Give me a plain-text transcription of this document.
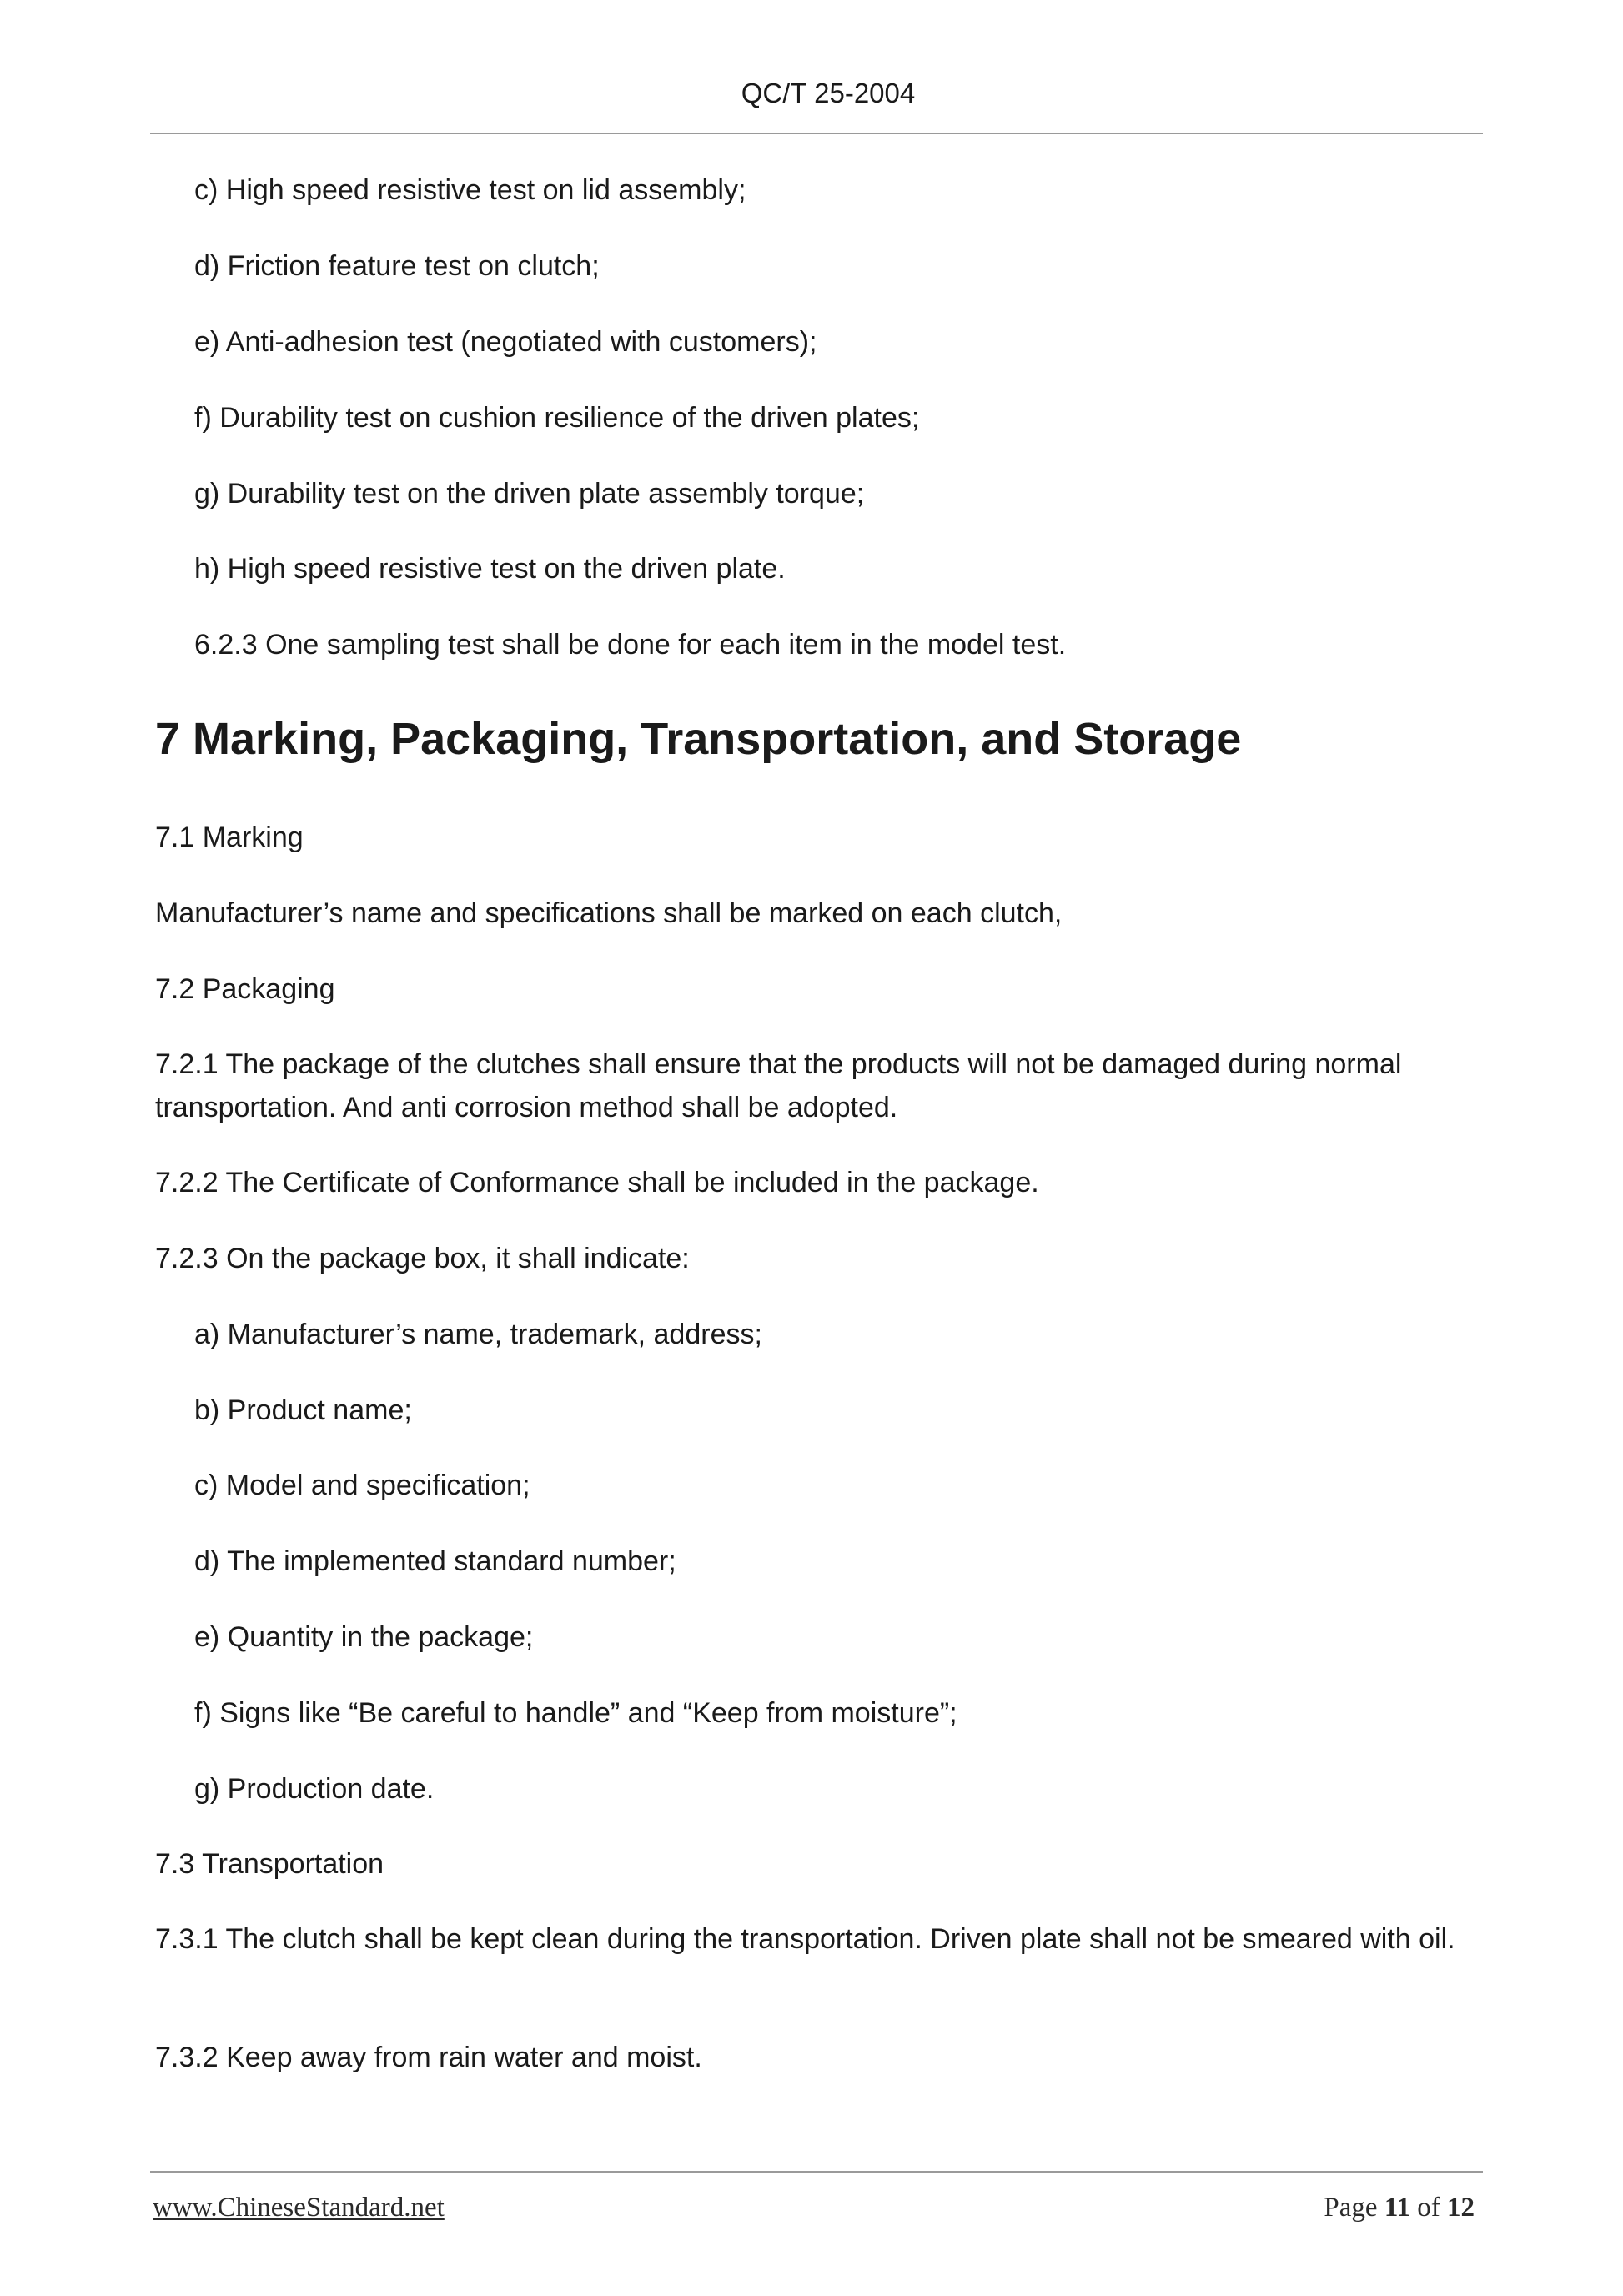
QC/T 25-2004
c) High speed resistive test on lid assembly;
d) Friction feature test on clutch;
e) Anti-adhesion test (negotiated with customers);
f) Durability test on cushion resilience of the driven plates;
g) Durability test on the driven plate assembly torque;
h) High speed resistive test on the driven plate.
6.2.3 One sampling test shall be done for each item in the model test.
7 Marking, Packaging, Transportation, and Storage
7.1 Marking
Manufacturer’s name and specifications shall be marked on each clutch,
7.2 Packaging
7.2.1 The package of the clutches shall ensure that the products will not be damaged during normal transportation. And anti corrosion method shall be adopted.
7.2.2 The Certificate of Conformance shall be included in the package.
7.2.3 On the package box, it shall indicate:
a) Manufacturer’s name, trademark, address;
b) Product name;
c) Model and specification;
d) The implemented standard number;
e) Quantity in the package;
f) Signs like “Be careful to handle” and “Keep from moisture”;
g) Production date.
7.3 Transportation
7.3.1 The clutch shall be kept clean during the transportation. Driven plate shall not be smeared with oil.
7.3.2 Keep away from rain water and moist.
www.ChineseStandard.net	Page 11 of 12
